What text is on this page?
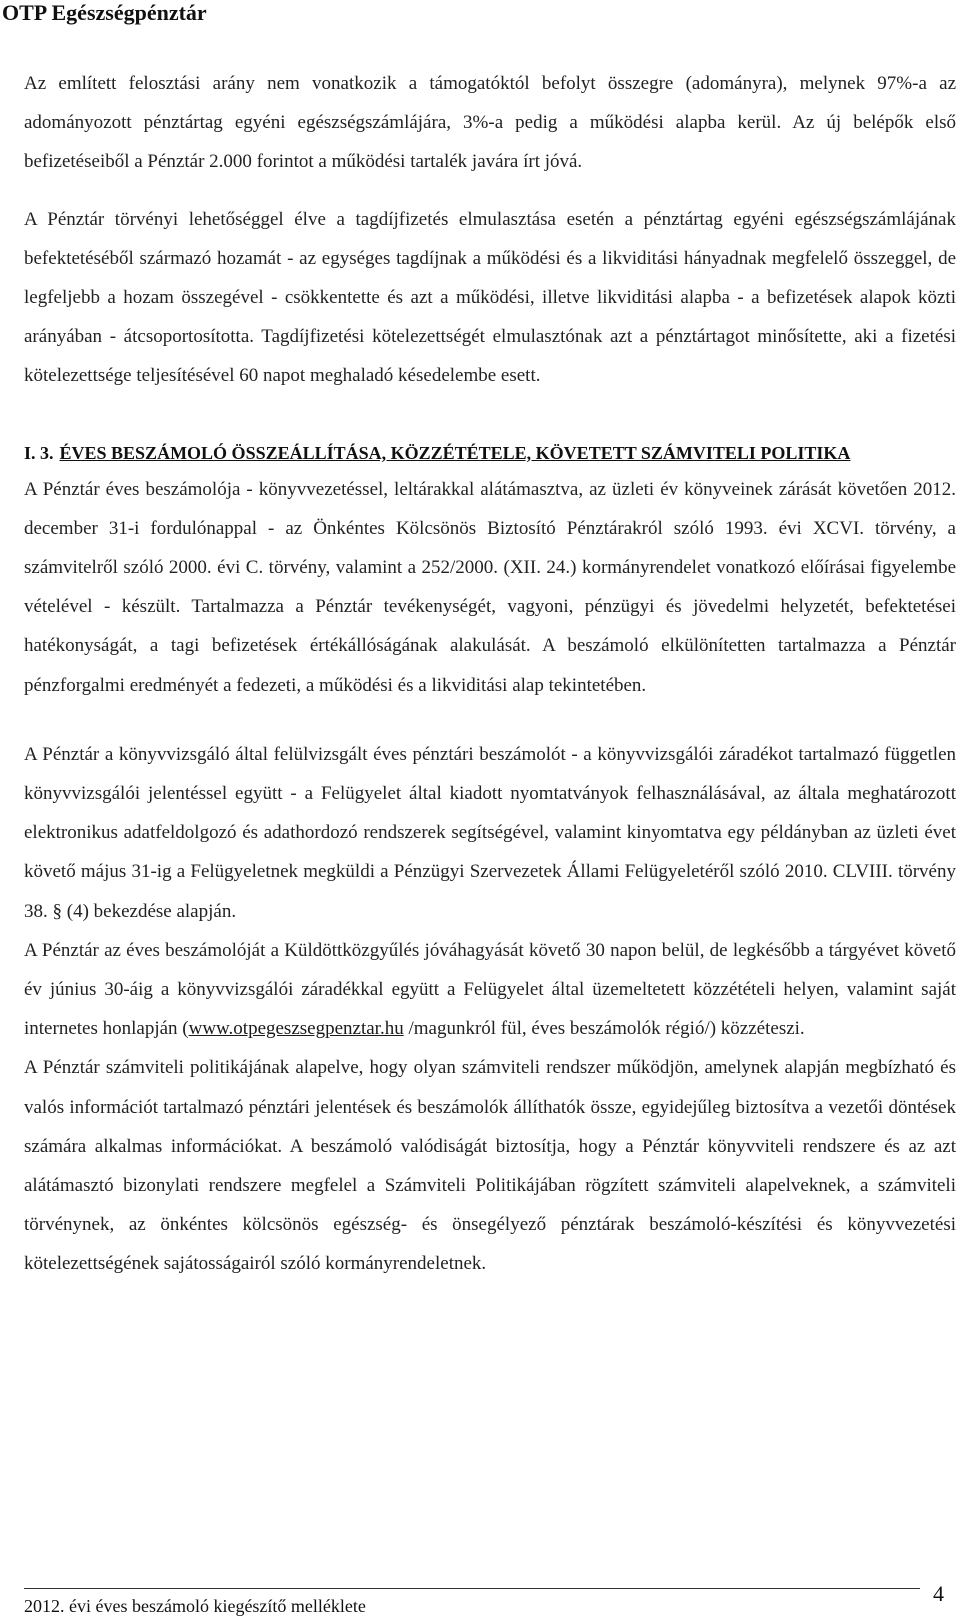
OTP Egészségpénztár

Az említett felosztási arány nem vonatkozik a támogatóktól befolyt összegre (adományra), melynek 97%-a az adományozott pénztártag egyéni egészségszámlájára, 3%-a pedig a működési alapba kerül. Az új belépők első befizetéseiből a Pénztár 2.000 forintot a működési tartalék javára írt jóvá.

A Pénztár törvényi lehetőséggel élve a tagdíjfizetés elmulasztása esetén a pénztártag egyéni egészségszámlájának befektetéséből származó hozamát - az egységes tagdíjnak a működési és a likviditási hányadnak megfelelő összeggel, de legfeljebb a hozam összegével - csökkentette és azt a működési, illetve likviditási alapba - a befizetések alapok közti arányában - átcsoportosította. Tagdíjfizetési kötelezettségét elmulasztónak azt a pénztártagot minősítette, aki a fizetési kötelezettsége teljesítésével 60 napot meghaladó késedelembe esett.

I. 3. ÉVES BESZÁMOLÓ ÖSSZEÁLLÍTÁSA, KÖZZÉTÉTELE, KÖVETETT SZÁMVITELI POLITIKA

A Pénztár éves beszámolója - könyvvezetéssel, leltárakkal alátámasztva, az üzleti év könyveinek zárását követően 2012. december 31-i fordulónappal - az Önkéntes Kölcsönös Biztosító Pénztárakról szóló 1993. évi XCVI. törvény, a számvitelről szóló 2000. évi C. törvény, valamint a 252/2000. (XII. 24.) kormányrendelet vonatkozó előírásai figyelembe vételével - készült. Tartalmazza a Pénztár tevékenységét, vagyoni, pénzügyi és jövedelmi helyzetét, befektetései hatékonyságát, a tagi befizetések értékállóságának alakulását. A beszámoló elkülönítetten tartalmazza a Pénztár pénzforgalmi eredményét a fedezeti, a működési és a likviditási alap tekintetében.

A Pénztár a könyvvizsgáló által felülvizsgált éves pénztári beszámolót - a könyvvizsgálói záradékot tartalmazó független könyvvizsgálói jelentéssel együtt - a Felügyelet által kiadott nyomtatványok felhasználásával, az általa meghatározott elektronikus adatfeldolgozó és adathordozó rendszerek segítségével, valamint kinyomtatva egy példányban az üzleti évet követő május 31-ig a Felügyeletnek megküldi a Pénzügyi Szervezetek Állami Felügyeletéről szóló 2010. CLVIII. törvény 38. § (4) bekezdése alapján.

A Pénztár az éves beszámolóját a Küldöttközgyűlés jóváhagyását követő 30 napon belül, de legkésőbb a tárgyévet követő év június 30-áig a könyvvizsgálói záradékkal együtt a Felügyelet által üzemeltetett közzétételi helyen, valamint saját internetes honlapján (www.otpegeszsegpenztar.hu /magunkról fül, éves beszámolók régió/) közzéteszi.

A Pénztár számviteli politikájának alapelve, hogy olyan számviteli rendszer működjön, amelynek alapján megbízható és valós információt tartalmazó pénztári jelentések és beszámolók állíthatók össze, egyidejűleg biztosítva a vezetői döntések számára alkalmas információkat. A beszámoló valódiságát biztosítja, hogy a Pénztár könyvviteli rendszere és az azt alátámasztó bizonylati rendszere megfelel a Számviteli Politikájában rögzített számviteli alapelveknek, a számviteli törvénynek, az önkéntes kölcsönös egészség- és önsegélyező pénztárak beszámoló-készítési és könyvvezetési kötelezettségének sajátosságairól szóló kormányrendeletnek.

2012. évi éves beszámoló kiegészítő melléklete	4
